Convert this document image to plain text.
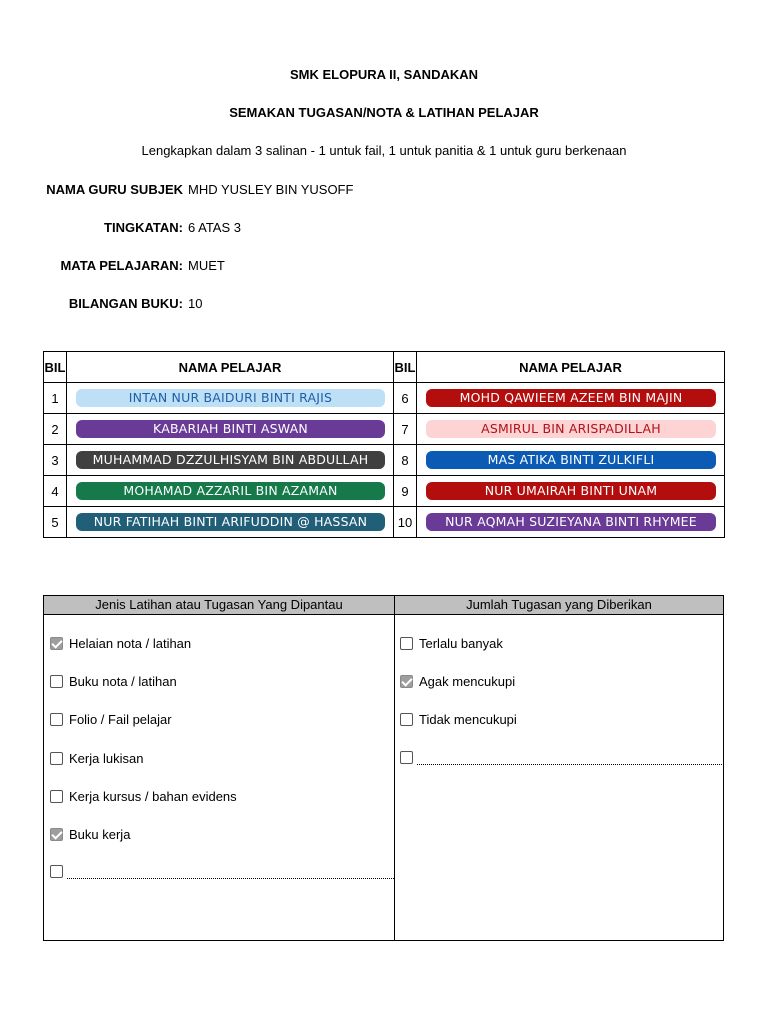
SMK ELOPURA II, SANDAKAN
SEMAKAN TUGASAN/NOTA & LATIHAN PELAJAR
Lengkapkan dalam 3 salinan - 1 untuk fail, 1 untuk panitia & 1 untuk guru berkenaan
NAMA GURU SUBJEK MHD YUSLEY BIN YUSOFF
TINGKATAN: 6 ATAS 3
MATA PELAJARAN: MUET
BILANGAN BUKU: 10
BIL	NAMA PELAJAR	BIL	NAMA PELAJAR
1	INTAN NUR BAIDURI BINTI RAJIS	6	MOHD QAWIEEM AZEEM BIN MAJIN

2	KABARIAH BINTI ASWAN	7	ASMIRUL BIN ARISPADILLAH

3	MUHAMMAD DZZULHISYAM BIN ABDULLAH	8	MAS ATIKA BINTI ZULKIFLI

4	MOHAMAD AZZARIL BIN AZAMAN	9	NUR UMAIRAH BINTI UNAM

5	NUR FATIHAH BINTI ARIFUDDIN @ HASSAN	10	NUR AQMAH SUZIEYANA BINTI RHYMEE
Jenis Latihan atau Tugasan Yang Dipantau	Jumlah Tugasan yang Diberikan
Helaian nota / latihan
Buku nota / latihan
Folio / Fail pelajar
Kerja lukisan
Kerja kursus / bahan evidens
Buku kerja
Terlalu banyak
Agak mencukupi
Tidak mencukupi
